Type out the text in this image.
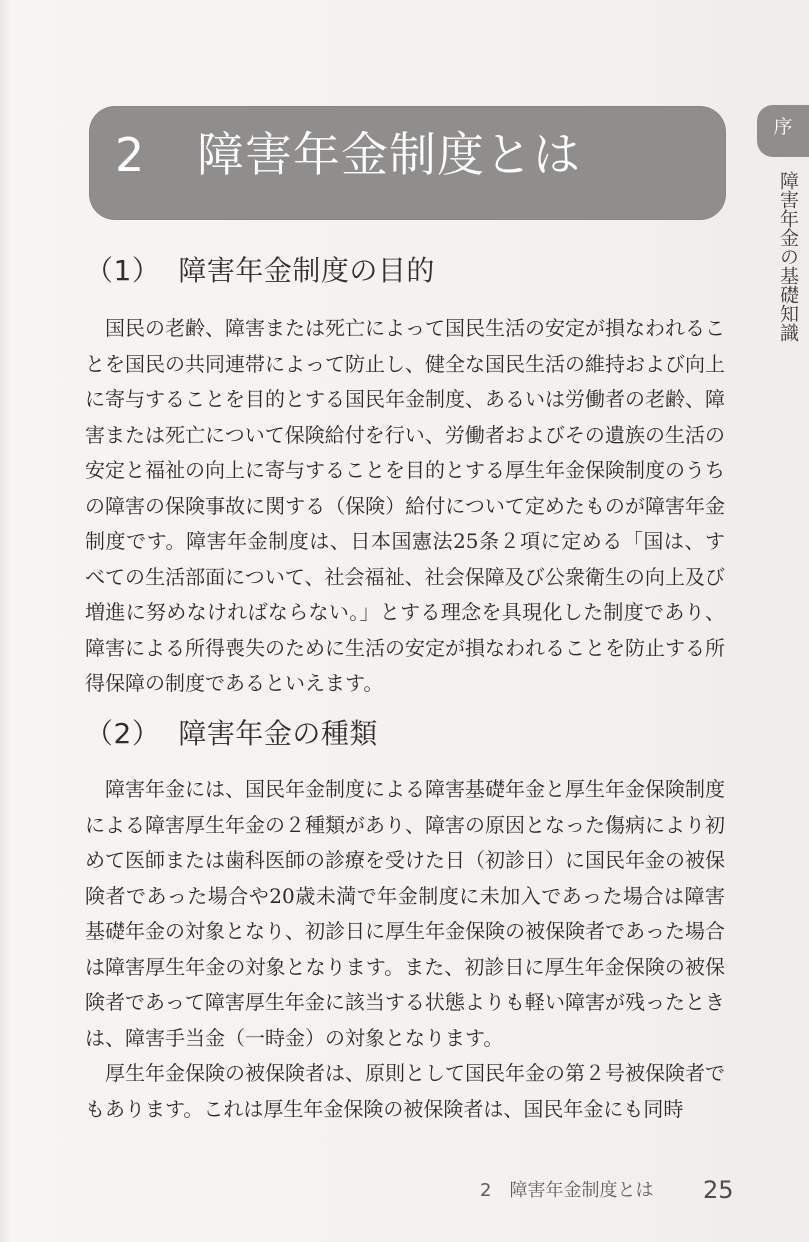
2 障害年金制度とは
序
障害年金の基礎知識
（1） 障害年金制度の目的
国民の老齢、障害または死亡によって国民生活の安定が損なわれることを国民の共同連帯によって防止し、健全な国民生活の維持および向上に寄与することを目的とする国民年金制度、あるいは労働者の老齢、障害または死亡について保険給付を行い、労働者およびその遺族の生活の安定と福祉の向上に寄与することを目的とする厚生年金保険制度のうちの障害の保険事故に関する（保険）給付について定めたものが障害年金制度です。障害年金制度は、日本国憲法25条２項に定める「国は、すべての生活部面について、社会福祉、社会保障及び公衆衛生の向上及び増進に努めなければならない。」とする理念を具現化した制度であり、障害による所得喪失のために生活の安定が損なわれることを防止する所得保障の制度であるといえます。
（2） 障害年金の種類
障害年金には、国民年金制度による障害基礎年金と厚生年金保険制度による障害厚生年金の２種類があり、障害の原因となった傷病により初めて医師または歯科医師の診療を受けた日（初診日）に国民年金の被保険者であった場合や20歳未満で年金制度に未加入であった場合は障害基礎年金の対象となり、初診日に厚生年金保険の被保険者であった場合は障害厚生年金の対象となります。また、初診日に厚生年金保険の被保険者であって障害厚生年金に該当する状態よりも軽い障害が残ったときは、障害手当金（一時金）の対象となります。
厚生年金保険の被保険者は、原則として国民年金の第２号被保険者でもあります。これは厚生年金保険の被保険者は、国民年金にも同時
2　障害年金制度とは	25
